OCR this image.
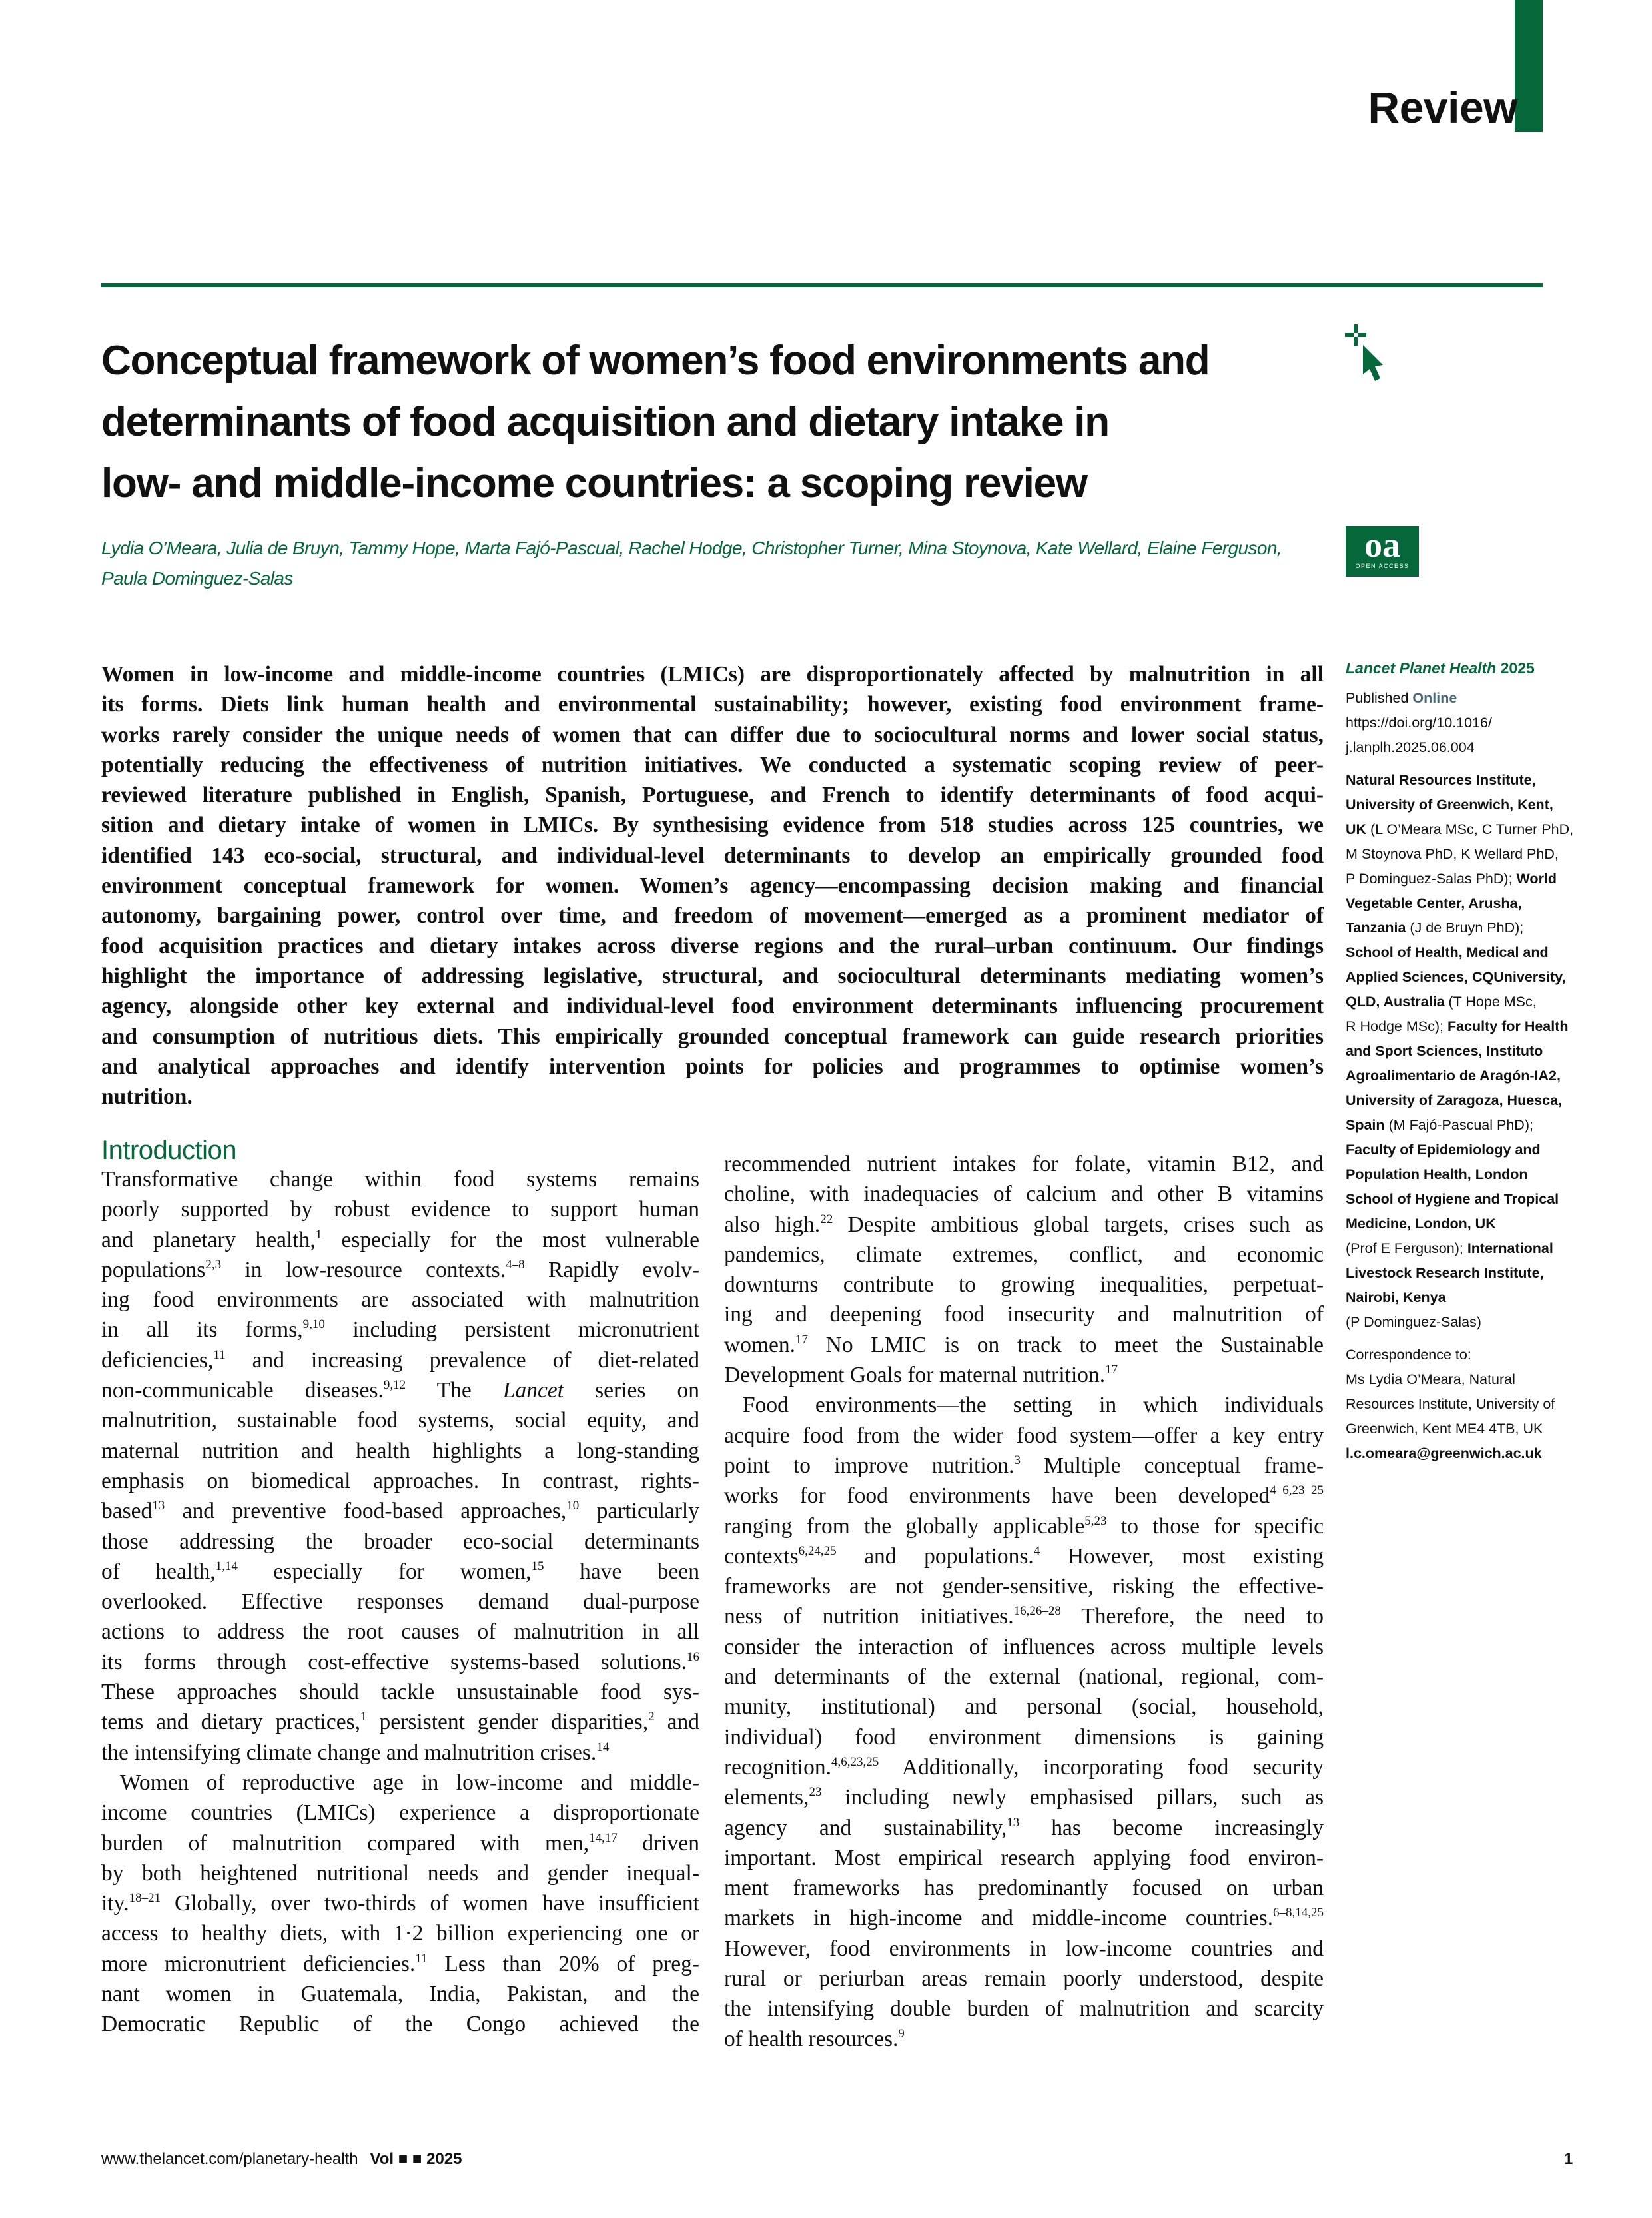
Review
Conceptual framework of women’s food environments and
determinants of food acquisition and dietary intake in
low- and middle-income countries: a scoping review
Lydia O’Meara, Julia de Bruyn, Tammy Hope, Marta Fajó-Pascual, Rachel Hodge, Christopher Turner, Mina Stoynova, Kate Wellard, Elaine Ferguson,
Paula Dominguez-Salas
oa
OPEN ACCESS
Women in low-income and middle-income countries (LMICs) are disproportionately affected by malnutrition in all
its forms. Diets link human health and environmental sustainability; however, existing food environment frame-
works rarely consider the unique needs of women that can differ due to sociocultural norms and lower social status,
potentially reducing the effectiveness of nutrition initiatives. We conducted a systematic scoping review of peer-
reviewed literature published in English, Spanish, Portuguese, and French to identify determinants of food acqui-
sition and dietary intake of women in LMICs. By synthesising evidence from 518 studies across 125 countries, we
identified 143 eco-social, structural, and individual-level determinants to develop an empirically grounded food
environment conceptual framework for women. Women’s agency—encompassing decision making and financial
autonomy, bargaining power, control over time, and freedom of movement—emerged as a prominent mediator of
food acquisition practices and dietary intakes across diverse regions and the rural–urban continuum. Our findings
highlight the importance of addressing legislative, structural, and sociocultural determinants mediating women’s
agency, alongside other key external and individual-level food environment determinants influencing procurement
and consumption of nutritious diets. This empirically grounded conceptual framework can guide research priorities
and analytical approaches and identify intervention points for policies and programmes to optimise women’s
nutrition.
Introduction
Transformative change within food systems remains
poorly supported by robust evidence to support human
and planetary health,$^1$ especially for the most vulnerable
populations$^{2,3}$ in low-resource contexts.$^{4-8}$ Rapidly evolv-
ing food environments are associated with malnutrition
in all its forms,$^{9,10}$ including persistent micronutrient
deficiencies,$^{11}$ and increasing prevalence of diet-related
non-communicable diseases.$^{9,12}$ The Lancet series on
malnutrition, sustainable food systems, social equity, and
maternal nutrition and health highlights a long-standing
emphasis on biomedical approaches. In contrast, rights-
based$^{13}$ and preventive food-based approaches,$^{10}$ particularly
those addressing the broader eco-social determinants
of health,$^{1,14}$ especially for women,$^{15}$ have been
overlooked. Effective responses demand dual-purpose
actions to address the root causes of malnutrition in all
its forms through cost-effective systems-based solutions.$^{16}$
These approaches should tackle unsustainable food sys-
tems and dietary practices,$^1$ persistent gender disparities,$^2$ and
the intensifying climate change and malnutrition crises.$^{14}$
Women of reproductive age in low-income and middle-
income countries (LMICs) experience a disproportionate
burden of malnutrition compared with men,$^{14,17}$ driven
by both heightened nutritional needs and gender inequal-
ity.$^{18-21}$ Globally, over two-thirds of women have insufficient
access to healthy diets, with 1·2 billion experiencing one or
more micronutrient deficiencies.$^{11}$ Less than 20% of preg-
nant women in Guatemala, India, Pakistan, and the
Democratic Republic of the Congo achieved the
recommended nutrient intakes for folate, vitamin B12, and
choline, with inadequacies of calcium and other B vitamins
also high.$^{22}$ Despite ambitious global targets, crises such as
pandemics, climate extremes, conflict, and economic
downturns contribute to growing inequalities, perpetuat-
ing and deepening food insecurity and malnutrition of
women.$^{17}$ No LMIC is on track to meet the Sustainable
Development Goals for maternal nutrition.$^{17}$
Food environments—the setting in which individuals
acquire food from the wider food system—offer a key entry
point to improve nutrition.$^3$ Multiple conceptual frame-
works for food environments have been developed$^{4-6,23-25}$
ranging from the globally applicable$^{5,23}$ to those for specific
contexts$^{6,24,25}$ and populations.$^4$ However, most existing
frameworks are not gender-sensitive, risking the effective-
ness of nutrition initiatives.$^{16,26-28}$ Therefore, the need to
consider the interaction of influences across multiple levels
and determinants of the external (national, regional, com-
munity, institutional) and personal (social, household,
individual) food environment dimensions is gaining
recognition.$^{4,6,23,25}$ Additionally, incorporating food security
elements,$^{23}$ including newly emphasised pillars, such as
agency and sustainability,$^{13}$ has become increasingly
important. Most empirical research applying food environ-
ment frameworks has predominantly focused on urban
markets in high-income and middle-income countries.$^{6-8,14,25}$
However, food environments in low-income countries and
rural or periurban areas remain poorly understood, despite
the intensifying double burden of malnutrition and scarcity
of health resources.$^9$
Lancet Planet Health 2025
Published Online
https://doi.org/10.1016/
j.lanplh.2025.06.004
Natural Resources Institute,
University of Greenwich, Kent,
UK (L O’Meara MSc, C Turner PhD,
M Stoynova PhD, K Wellard PhD,
P Dominguez-Salas PhD); World
Vegetable Center, Arusha,
Tanzania (J de Bruyn PhD);
School of Health, Medical and
Applied Sciences, CQUniversity,
QLD, Australia (T Hope MSc,
R Hodge MSc); Faculty for Health
and Sport Sciences, Instituto
Agroalimentario de Aragón-IA2,
University of Zaragoza, Huesca,
Spain (M Fajó-Pascual PhD);
Faculty of Epidemiology and
Population Health, London
School of Hygiene and Tropical
Medicine, London, UK
(Prof E Ferguson); International
Livestock Research Institute,
Nairobi, Kenya
(P Dominguez-Salas)
Correspondence to:
Ms Lydia O’Meara, Natural
Resources Institute, University of
Greenwich, Kent ME4 4TB, UK
l.c.omeara@greenwich.ac.uk
www.thelancet.com/planetary-health Vol ■ ■ 2025	1
